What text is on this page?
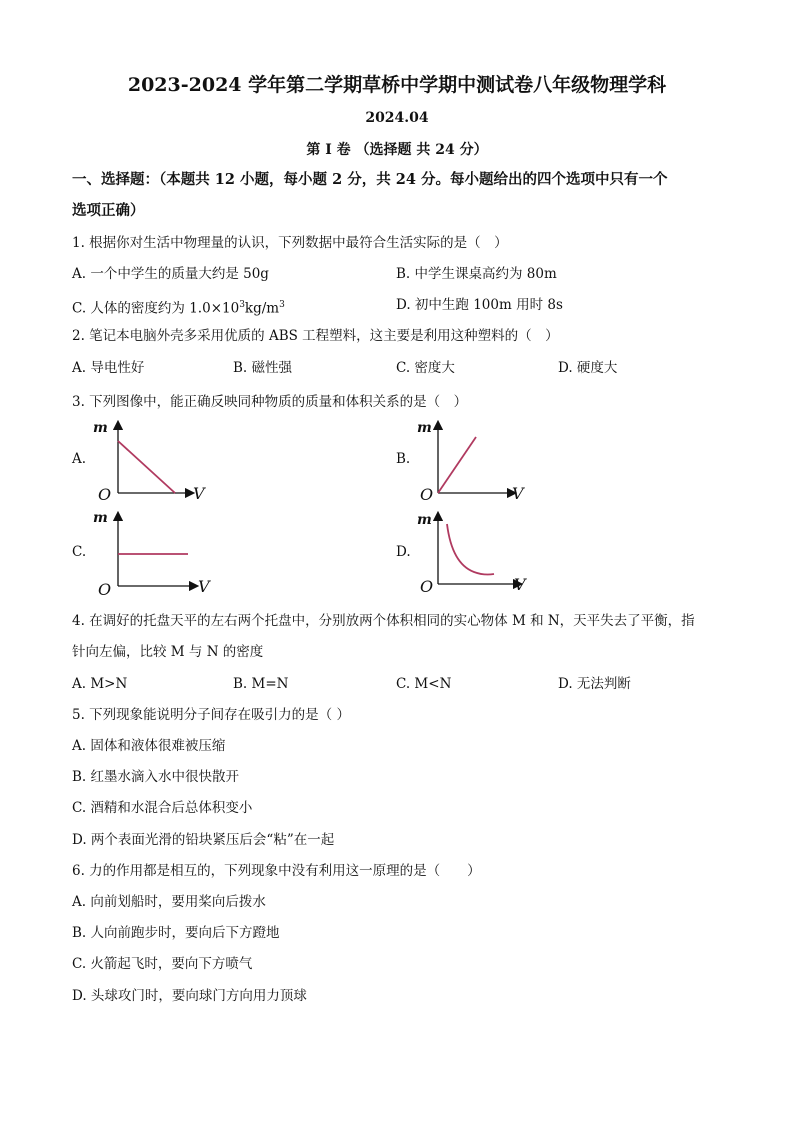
2023-2024 学年第二学期草桥中学期中测试卷八年级物理学科
2024.04
第 I 卷 （选择题 共 24 分）
一、选择题：（本题共 12 小题，每小题 2 分，共 24 分。每小题给出的四个选项中只有一个
选项正确）
1. 根据你对生活中物理量的认识，下列数据中最符合生活实际的是（　）
A. 一个中学生的质量大约是 50g	B. 中学生课桌高约为 80m
C. 人体的密度约为 $1.0\times 10^3kg/m^3$	D. 初中生跑 100m 用时 8s
2. 笔记本电脑外壳多采用优质的 ABS 工程塑料，这主要是利用这种塑料的（　）
A. 导电性好	B. 磁性强	C. 密度大	D. 硬度大
3. 下列图像中，能正确反映同种物质的质量和体积关系的是（　）
A.	B.
C.	D.
m
V
O
m
V
O
m
V
O
m
V
O
4. 在调好的托盘天平的左右两个托盘中，分别放两个体积相同的实心物体 M 和 N，天平失去了平衡，指
针向左偏，比较 M 与 N 的密度
A. M>N	B. M=N	C. M<N	D. 无法判断
5. 下列现象能说明分子间存在吸引力的是（ ）
A. 固体和液体很难被压缩
B. 红墨水滴入水中很快散开
C. 酒精和水混合后总体积变小
D. 两个表面光滑的铅块紧压后会“粘”在一起
6. 力的作用都是相互的，下列现象中没有利用这一原理的是（　　）
A. 向前划船时，要用桨向后拨水
B. 人向前跑步时，要向后下方蹬地
C. 火箭起飞时，要向下方喷气
D. 头球攻门时，要向球门方向用力顶球
